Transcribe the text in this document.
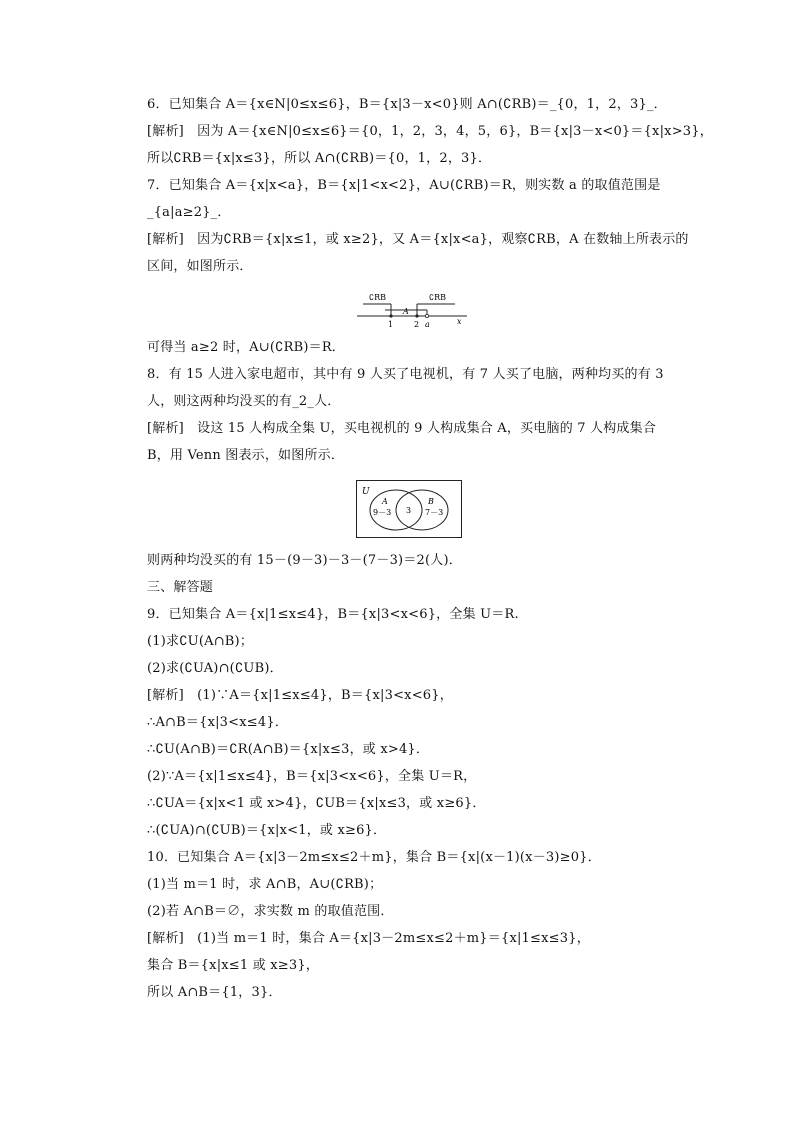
6．已知集合 A＝{x∈N|0≤x≤6}，B＝{x|3－x<0}则 A∩(∁RB)＝_{0，1，2，3}_．
[解析]　因为 A＝{x∈N|0≤x≤6}＝{0，1，2，3，4，5，6}，B＝{x|3－x<0}＝{x|x>3}，
所以∁RB＝{x|x≤3}，所以 A∩(∁RB)＝{0，1，2，3}．
7．已知集合 A＝{x|x<a}，B＝{x|1<x<2}，A∪(∁RB)＝R，则实数 a 的取值范围是
_{a|a≥2}_．
[解析]　因为∁RB＝{x|x≤1，或 x≥2}，又 A＝{x|x<a}，观察∁RB，A 在数轴上所表示的
区间，如图所示．
∁RB	∁RB
A
1	2 a	x
可得当 a≥2 时，A∪(∁RB)＝R．
8．有 15 人进入家电超市，其中有 9 人买了电视机，有 7 人买了电脑，两种均买的有 3
人，则这两种均没买的有_2_人．
[解析]　设这 15 人构成全集 U，买电视机的 9 人构成集合 A，买电脑的 7 人构成集合
B，用 Venn 图表示，如图所示．
U
A	B
9－3 3 7－3
则两种均没买的有 15－(9－3)－3－(7－3)＝2(人)．
三、解答题
9．已知集合 A＝{x|1≤x≤4}，B＝{x|3<x<6}，全集 U＝R.
(1)求∁U(A∩B)；
(2)求(∁UA)∩(∁UB)．
[解析]　(1)∵A＝{x|1≤x≤4}，B＝{x|3<x<6}，
∴A∩B＝{x|3<x≤4}．
∴∁U(A∩B)＝∁R(A∩B)＝{x|x≤3，或 x>4}．
(2)∵A＝{x|1≤x≤4}，B＝{x|3<x<6}，全集 U＝R，
∴∁UA＝{x|x<1 或 x>4}，∁UB＝{x|x≤3，或 x≥6}．
∴(∁UA)∩(∁UB)＝{x|x<1，或 x≥6}．
10．已知集合 A＝{x|3－2m≤x≤2＋m}，集合 B＝{x|(x－1)(x－3)≥0}．
(1)当 m＝1 时，求 A∩B，A∪(∁RB)；
(2)若 A∩B＝∅，求实数 m 的取值范围．
[解析]　(1)当 m＝1 时，集合 A＝{x|3－2m≤x≤2＋m}＝{x|1≤x≤3}，
集合 B＝{x|x≤1 或 x≥3}，
所以 A∩B＝{1，3}．
